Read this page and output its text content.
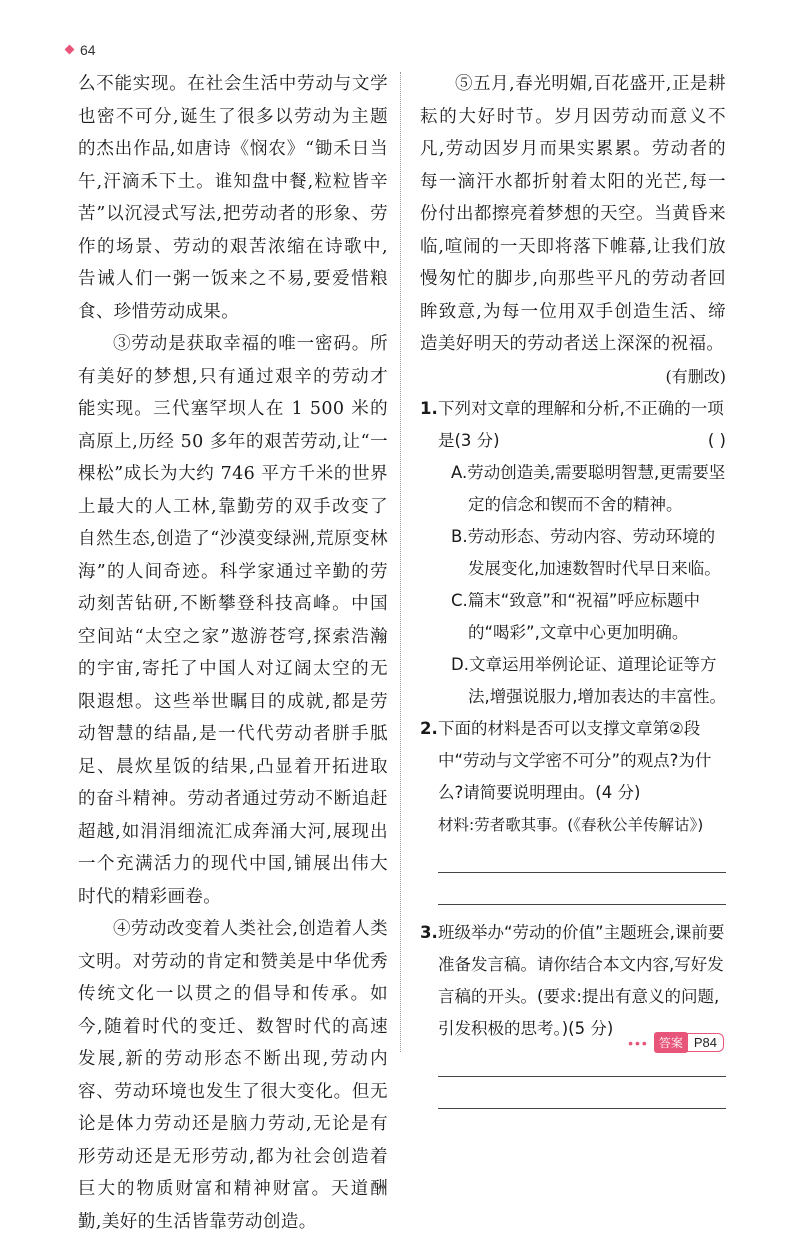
64

么不能实现。在社会生活中劳动与文学也密不可分,诞生了很多以劳动为主题的杰出作品,如唐诗《悯农》“锄禾日当午,汗滴禾下土。谁知盘中餐,粒粒皆辛苦”以沉浸式写法,把劳动者的形象、劳作的场景、劳动的艰苦浓缩在诗歌中,告诫人们一粥一饭来之不易,要爱惜粮食、珍惜劳动成果。

③劳动是获取幸福的唯一密码。所有美好的梦想,只有通过艰辛的劳动才能实现。三代塞罕坝人在 1 500 米的高原上,历经 50 多年的艰苦劳动,让“一棵松”成长为大约 746 平方千米的世界上最大的人工林,靠勤劳的双手改变了自然生态,创造了“沙漠变绿洲,荒原变林海”的人间奇迹。科学家通过辛勤的劳动刻苦钻研,不断攀登科技高峰。中国空间站“太空之家”遨游苍穹,探索浩瀚的宇宙,寄托了中国人对辽阔太空的无限遐想。这些举世瞩目的成就,都是劳动智慧的结晶,是一代代劳动者胼手胝足、晨炊星饭的结果,凸显着开拓进取的奋斗精神。劳动者通过劳动不断追赶超越,如涓涓细流汇成奔涌大河,展现出一个充满活力的现代中国,铺展出伟大时代的精彩画卷。

④劳动改变着人类社会,创造着人类文明。对劳动的肯定和赞美是中华优秀传统文化一以贯之的倡导和传承。如今,随着时代的变迁、数智时代的高速发展,新的劳动形态不断出现,劳动内容、劳动环境也发生了很大变化。但无论是体力劳动还是脑力劳动,无论是有形劳动还是无形劳动,都为社会创造着巨大的物质财富和精神财富。天道酬勤,美好的生活皆靠劳动创造。

⑤五月,春光明媚,百花盛开,正是耕耘的大好时节。岁月因劳动而意义不凡,劳动因岁月而果实累累。劳动者的每一滴汗水都折射着太阳的光芒,每一份付出都擦亮着梦想的天空。当黄昏来临,喧闹的一天即将落下帷幕,让我们放慢匆忙的脚步,向那些平凡的劳动者回眸致意,为每一位用双手创造生活、缔造美好明天的劳动者送上深深的祝福。

(有删改)

1. 下列对文章的理解和分析,不正确的一项是(3 分)	( )

A.劳动创造美,需要聪明智慧,更需要坚定的信念和锲而不舍的精神。

B.劳动形态、劳动内容、劳动环境的发展变化,加速数智时代早日来临。

C.篇末“致意”和“祝福”呼应标题中的“喝彩”,文章中心更加明确。

D.文章运用举例论证、道理论证等方法,增强说服力,增加表达的丰富性。

2. 下面的材料是否可以支撑文章第②段中“劳动与文学密不可分”的观点?为什么?请简要说明理由。(4 分)

材料:劳者歌其事。(《春秋公羊传解诂》)

3. 班级举办“劳动的价值”主题班会,课前要准备发言稿。请你结合本文内容,写好发言稿的开头。(要求:提出有意义的问题,引发积极的思考。)(5 分)

••• 答案 P84
